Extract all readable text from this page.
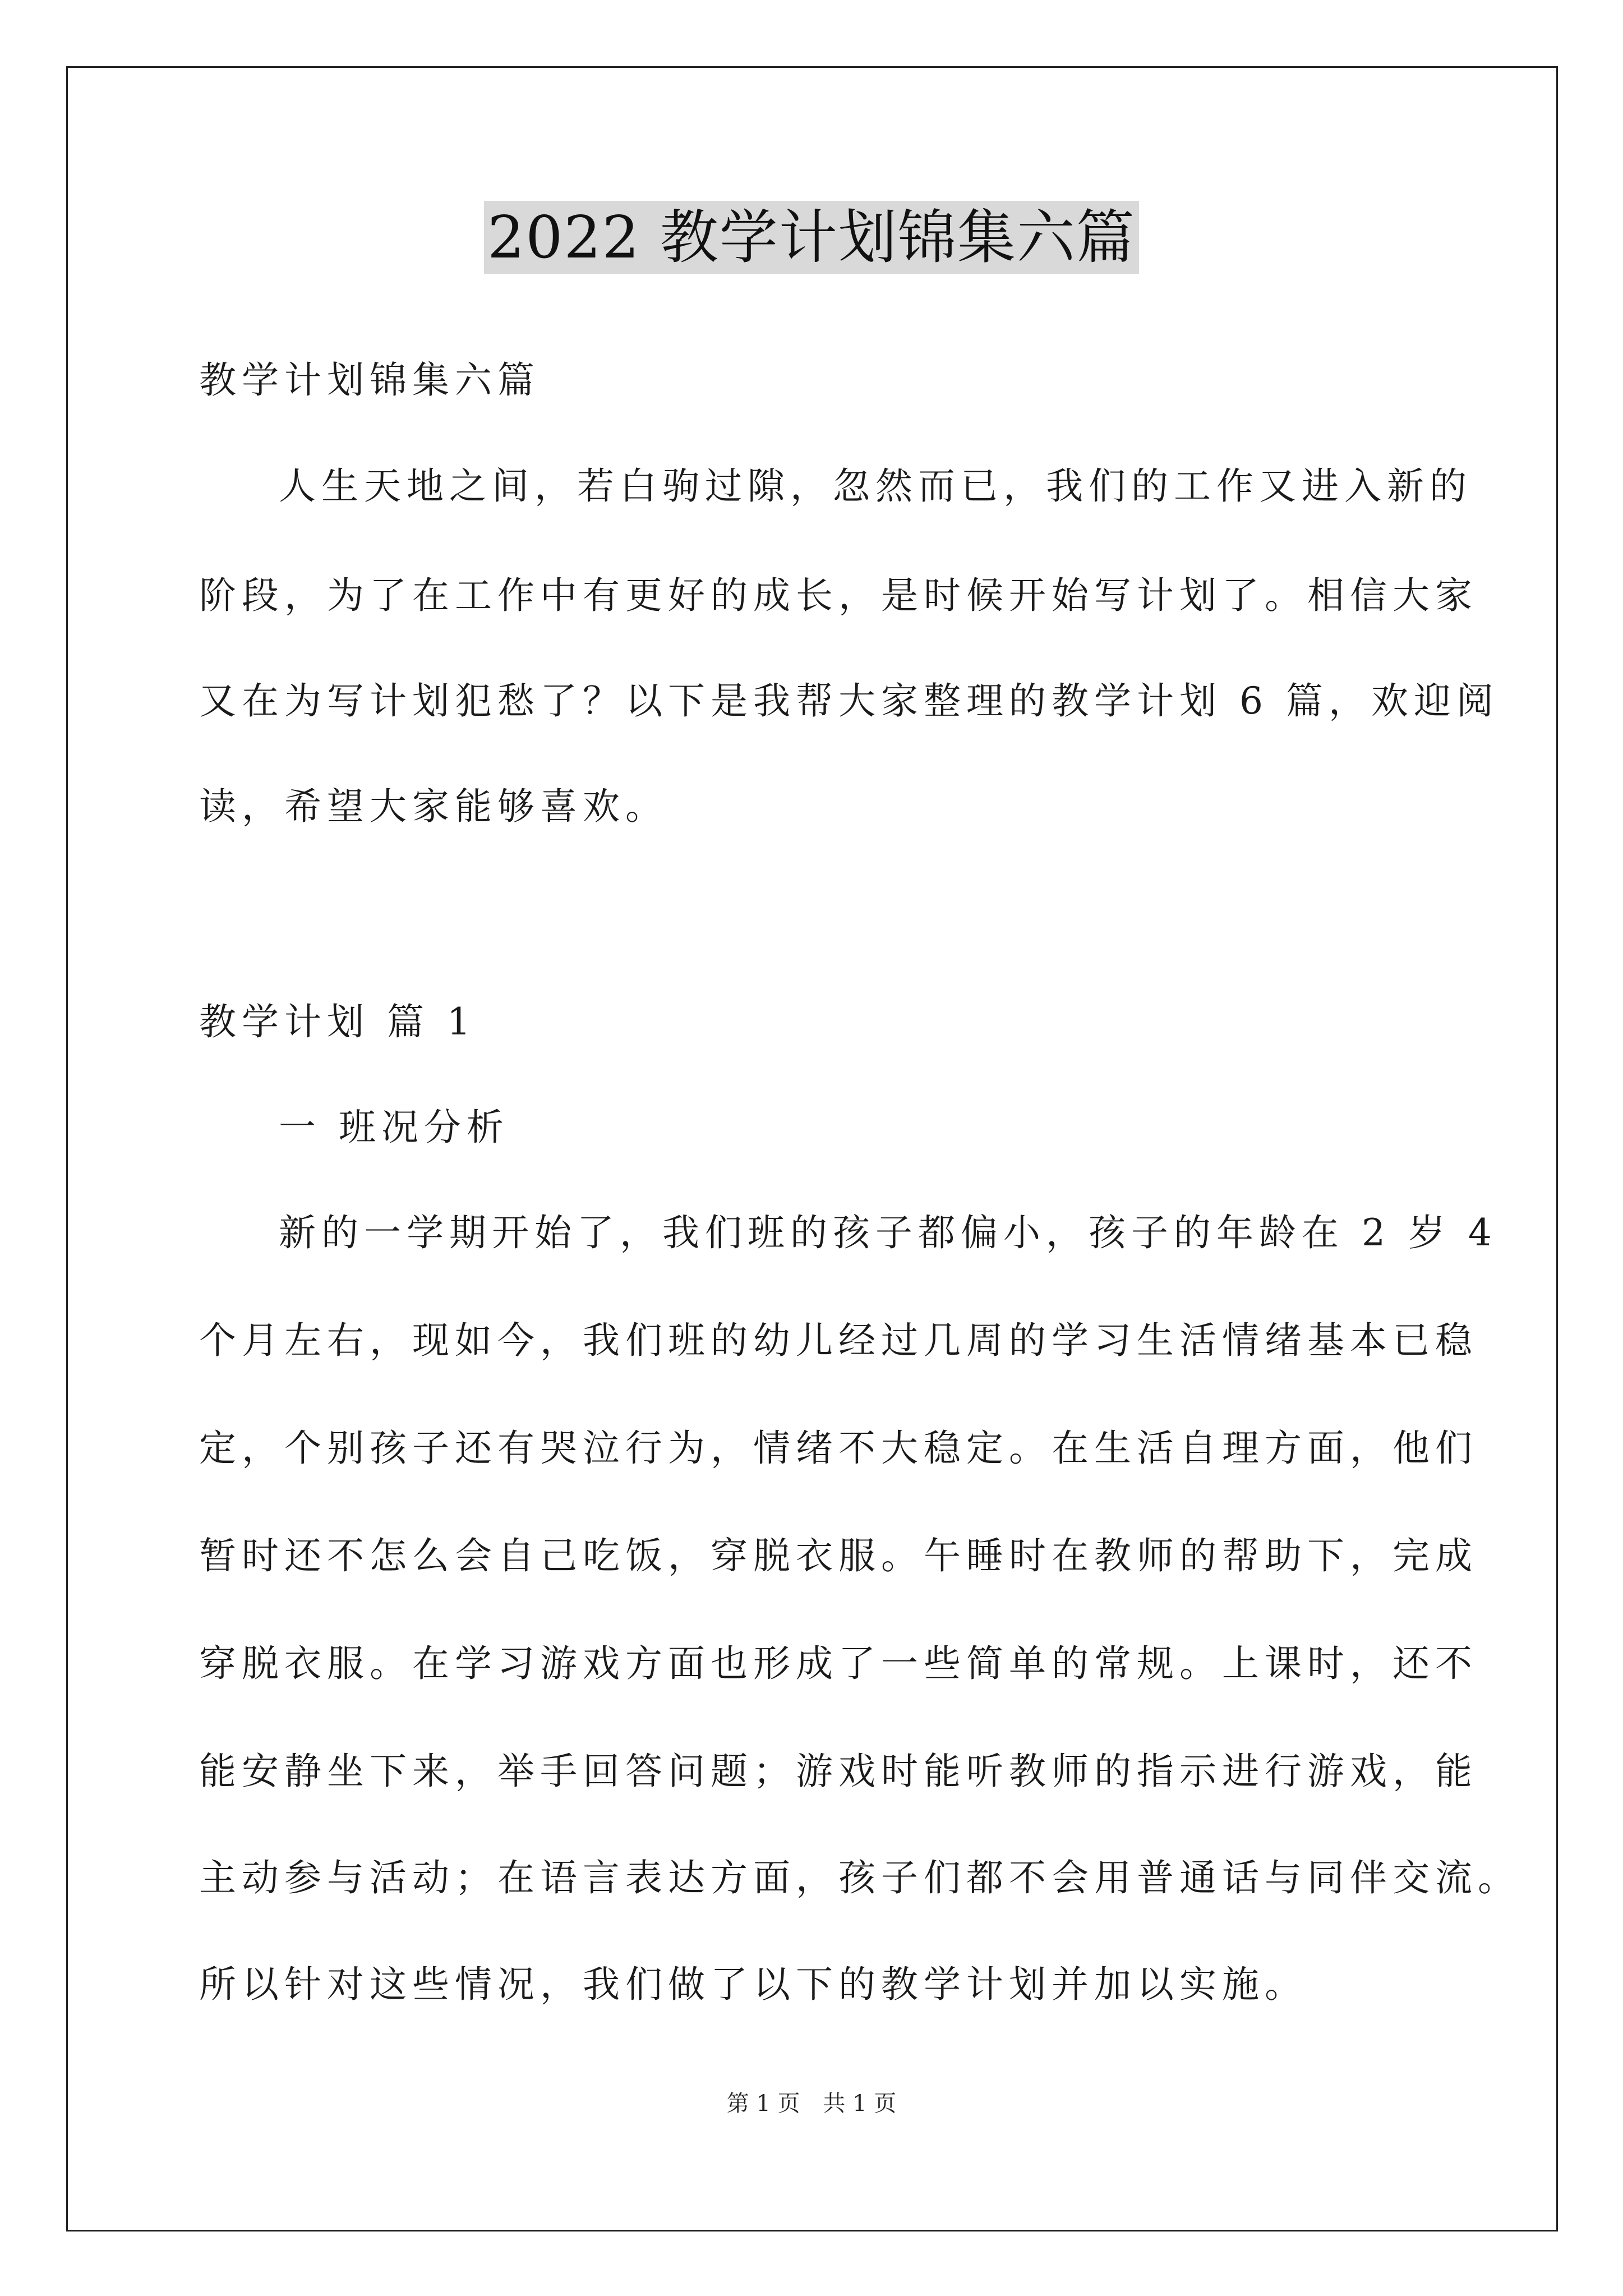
2022 教学计划锦集六篇
教学计划锦集六篇
人生天地之间，若白驹过隙，忽然而已，我们的工作又进入新的
阶段，为了在工作中有更好的成长，是时候开始写计划了。相信大家
又在为写计划犯愁了？以下是我帮大家整理的教学计划 6 篇，欢迎阅
读，希望大家能够喜欢。
教学计划 篇 1
一 班况分析
新的一学期开始了，我们班的孩子都偏小，孩子的年龄在 2 岁 4
个月左右，现如今，我们班的幼儿经过几周的学习生活情绪基本已稳
定，个别孩子还有哭泣行为，情绪不大稳定。在生活自理方面，他们
暂时还不怎么会自己吃饭，穿脱衣服。午睡时在教师的帮助下，完成
穿脱衣服。在学习游戏方面也形成了一些简单的常规。上课时，还不
能安静坐下来，举手回答问题；游戏时能听教师的指示进行游戏，能
主动参与活动；在语言表达方面，孩子们都不会用普通话与同伴交流。
所以针对这些情况，我们做了以下的教学计划并加以实施。
第 1 页 共 1 页
